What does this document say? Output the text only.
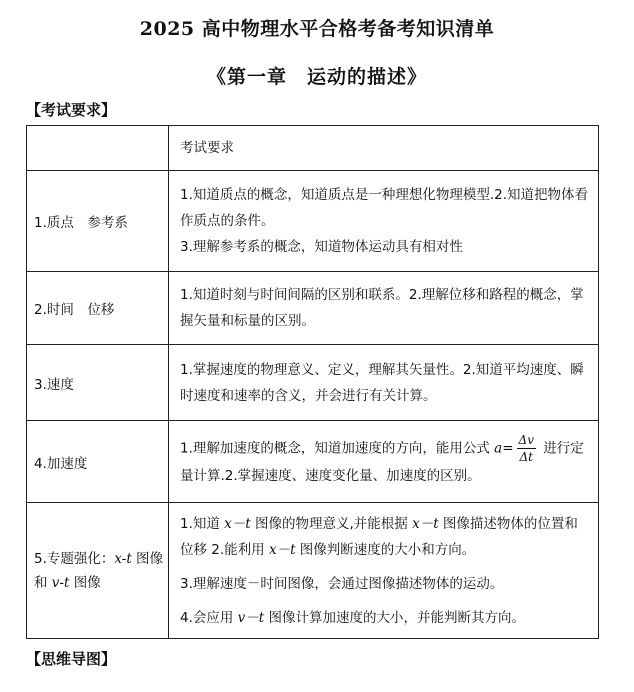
2025 高中物理水平合格考备考知识清单
《第一章　运动的描述》
【考试要求】
	考试要求
1.质点　参考系	1.知道质点的概念，知道质点是一种理想化物理模型.2.知道把物体看作质点的条件。
3.理解参考系的概念，知道物体运动具有相对性

2.时间　位移	1.知道时刻与时间间隔的区别和联系。2.理解位移和路程的概念，掌握矢量和标量的区别。

3.速度	1.掌握速度的物理意义、定义，理解其矢量性。2.知道平均速度、瞬时速度和速率的含义，并会进行有关计算。

4.加速度	1.理解加速度的概念，知道加速度的方向，能用公式 $a= \frac{\Delta v}{\Delta t}$ 进行定量计算.2.掌握速度、速度变化量、加速度的区别。
5.专题强化：x-t 图像和 v-t 图像	1.知道 x－t 图像的物理意义,并能根据 x－t 图像描述物体的位置和位移 2.能利用 x－t 图像判断速度的大小和方向。
3.理解速度－时间图像，会通过图像描述物体的运动。
4.会应用 v－t 图像计算加速度的大小，并能判断其方向。
【思维导图】
